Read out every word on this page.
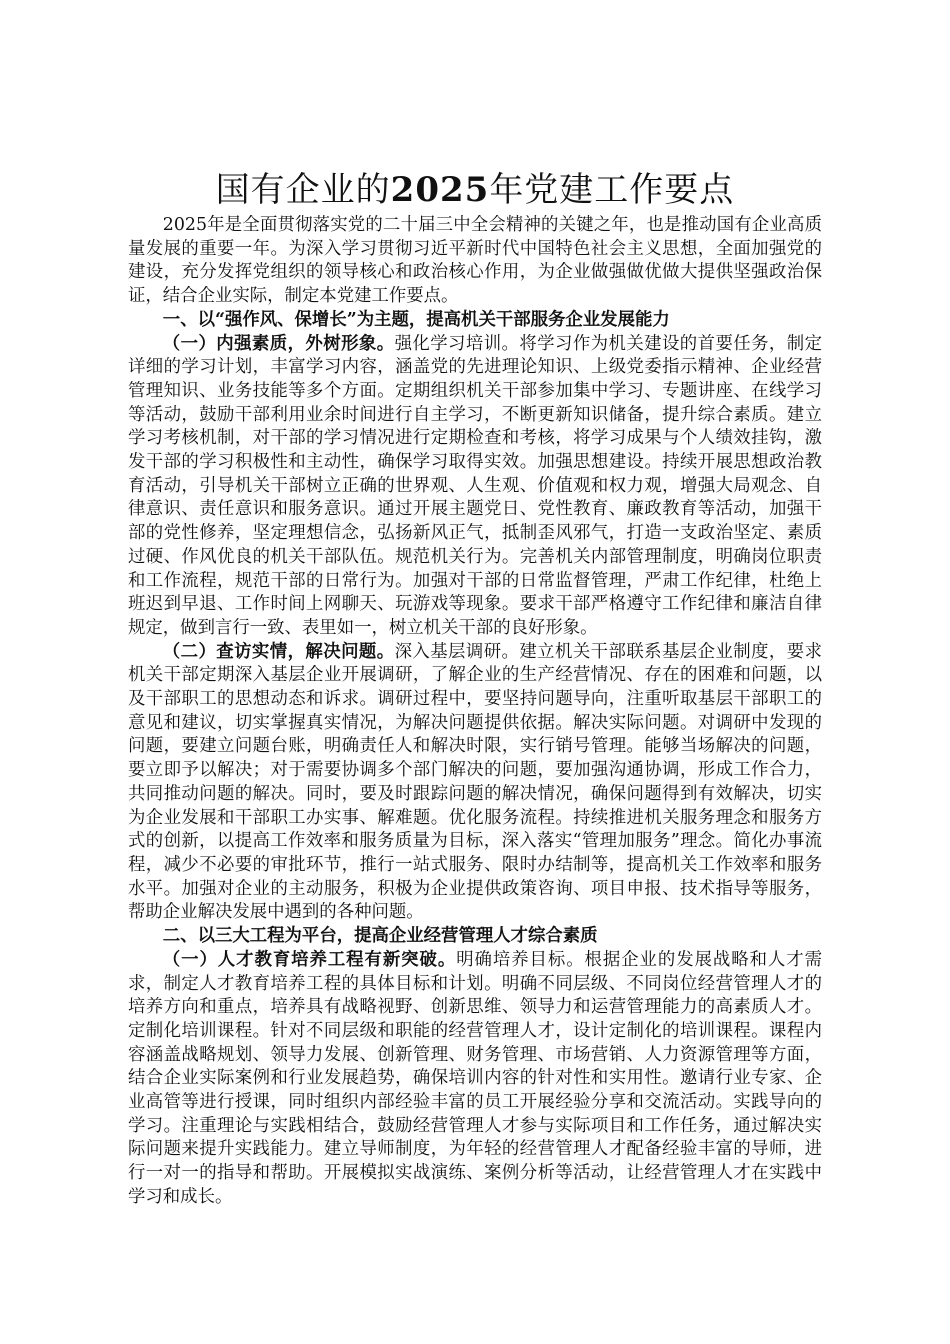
国有企业的2025年党建工作要点

2025年是全面贯彻落实党的二十届三中全会精神的关键之年，也是推动国有企业高质量发展的重要一年。为深入学习贯彻习近平新时代中国特色社会主义思想，全面加强党的建设，充分发挥党组织的领导核心和政治核心作用，为企业做强做优做大提供坚强政治保证，结合企业实际，制定本党建工作要点。

一、以“强作风、保增长”为主题，提高机关干部服务企业发展能力

（一）内强素质，外树形象。强化学习培训。将学习作为机关建设的首要任务，制定详细的学习计划，丰富学习内容，涵盖党的先进理论知识、上级党委指示精神、企业经营管理知识、业务技能等多个方面。定期组织机关干部参加集中学习、专题讲座、在线学习等活动，鼓励干部利用业余时间进行自主学习，不断更新知识储备，提升综合素质。建立学习考核机制，对干部的学习情况进行定期检查和考核，将学习成果与个人绩效挂钩，激发干部的学习积极性和主动性，确保学习取得实效。加强思想建设。持续开展思想政治教育活动，引导机关干部树立正确的世界观、人生观、价值观和权力观，增强大局观念、自律意识、责任意识和服务意识。通过开展主题党日、党性教育、廉政教育等活动，加强干部的党性修养，坚定理想信念，弘扬新风正气，抵制歪风邪气，打造一支政治坚定、素质过硬、作风优良的机关干部队伍。规范机关行为。完善机关内部管理制度，明确岗位职责和工作流程，规范干部的日常行为。加强对干部的日常监督管理，严肃工作纪律，杜绝上班迟到早退、工作时间上网聊天、玩游戏等现象。要求干部严格遵守工作纪律和廉洁自律规定，做到言行一致、表里如一，树立机关干部的良好形象。

（二）查访实情，解决问题。深入基层调研。建立机关干部联系基层企业制度，要求机关干部定期深入基层企业开展调研，了解企业的生产经营情况、存在的困难和问题，以及干部职工的思想动态和诉求。调研过程中，要坚持问题导向，注重听取基层干部职工的意见和建议，切实掌握真实情况，为解决问题提供依据。解决实际问题。对调研中发现的问题，要建立问题台账，明确责任人和解决时限，实行销号管理。能够当场解决的问题，要立即予以解决；对于需要协调多个部门解决的问题，要加强沟通协调，形成工作合力，共同推动问题的解决。同时，要及时跟踪问题的解决情况，确保问题得到有效解决，切实为企业发展和干部职工办实事、解难题。优化服务流程。持续推进机关服务理念和服务方式的创新，以提高工作效率和服务质量为目标，深入落实“管理加服务”理念。简化办事流程，减少不必要的审批环节，推行一站式服务、限时办结制等，提高机关工作效率和服务水平。加强对企业的主动服务，积极为企业提供政策咨询、项目申报、技术指导等服务，帮助企业解决发展中遇到的各种问题。

二、以三大工程为平台，提高企业经营管理人才综合素质

（一）人才教育培养工程有新突破。明确培养目标。根据企业的发展战略和人才需求，制定人才教育培养工程的具体目标和计划。明确不同层级、不同岗位经营管理人才的培养方向和重点，培养具有战略视野、创新思维、领导力和运营管理能力的高素质人才。定制化培训课程。针对不同层级和职能的经营管理人才，设计定制化的培训课程。课程内容涵盖战略规划、领导力发展、创新管理、财务管理、市场营销、人力资源管理等方面，结合企业实际案例和行业发展趋势，确保培训内容的针对性和实用性。邀请行业专家、企业高管等进行授课，同时组织内部经验丰富的员工开展经验分享和交流活动。实践导向的学习。注重理论与实践相结合，鼓励经营管理人才参与实际项目和工作任务，通过解决实际问题来提升实践能力。建立导师制度，为年轻的经营管理人才配备经验丰富的导师，进行一对一的指导和帮助。开展模拟实战演练、案例分析等活动，让经营管理人才在实践中学习和成长。
